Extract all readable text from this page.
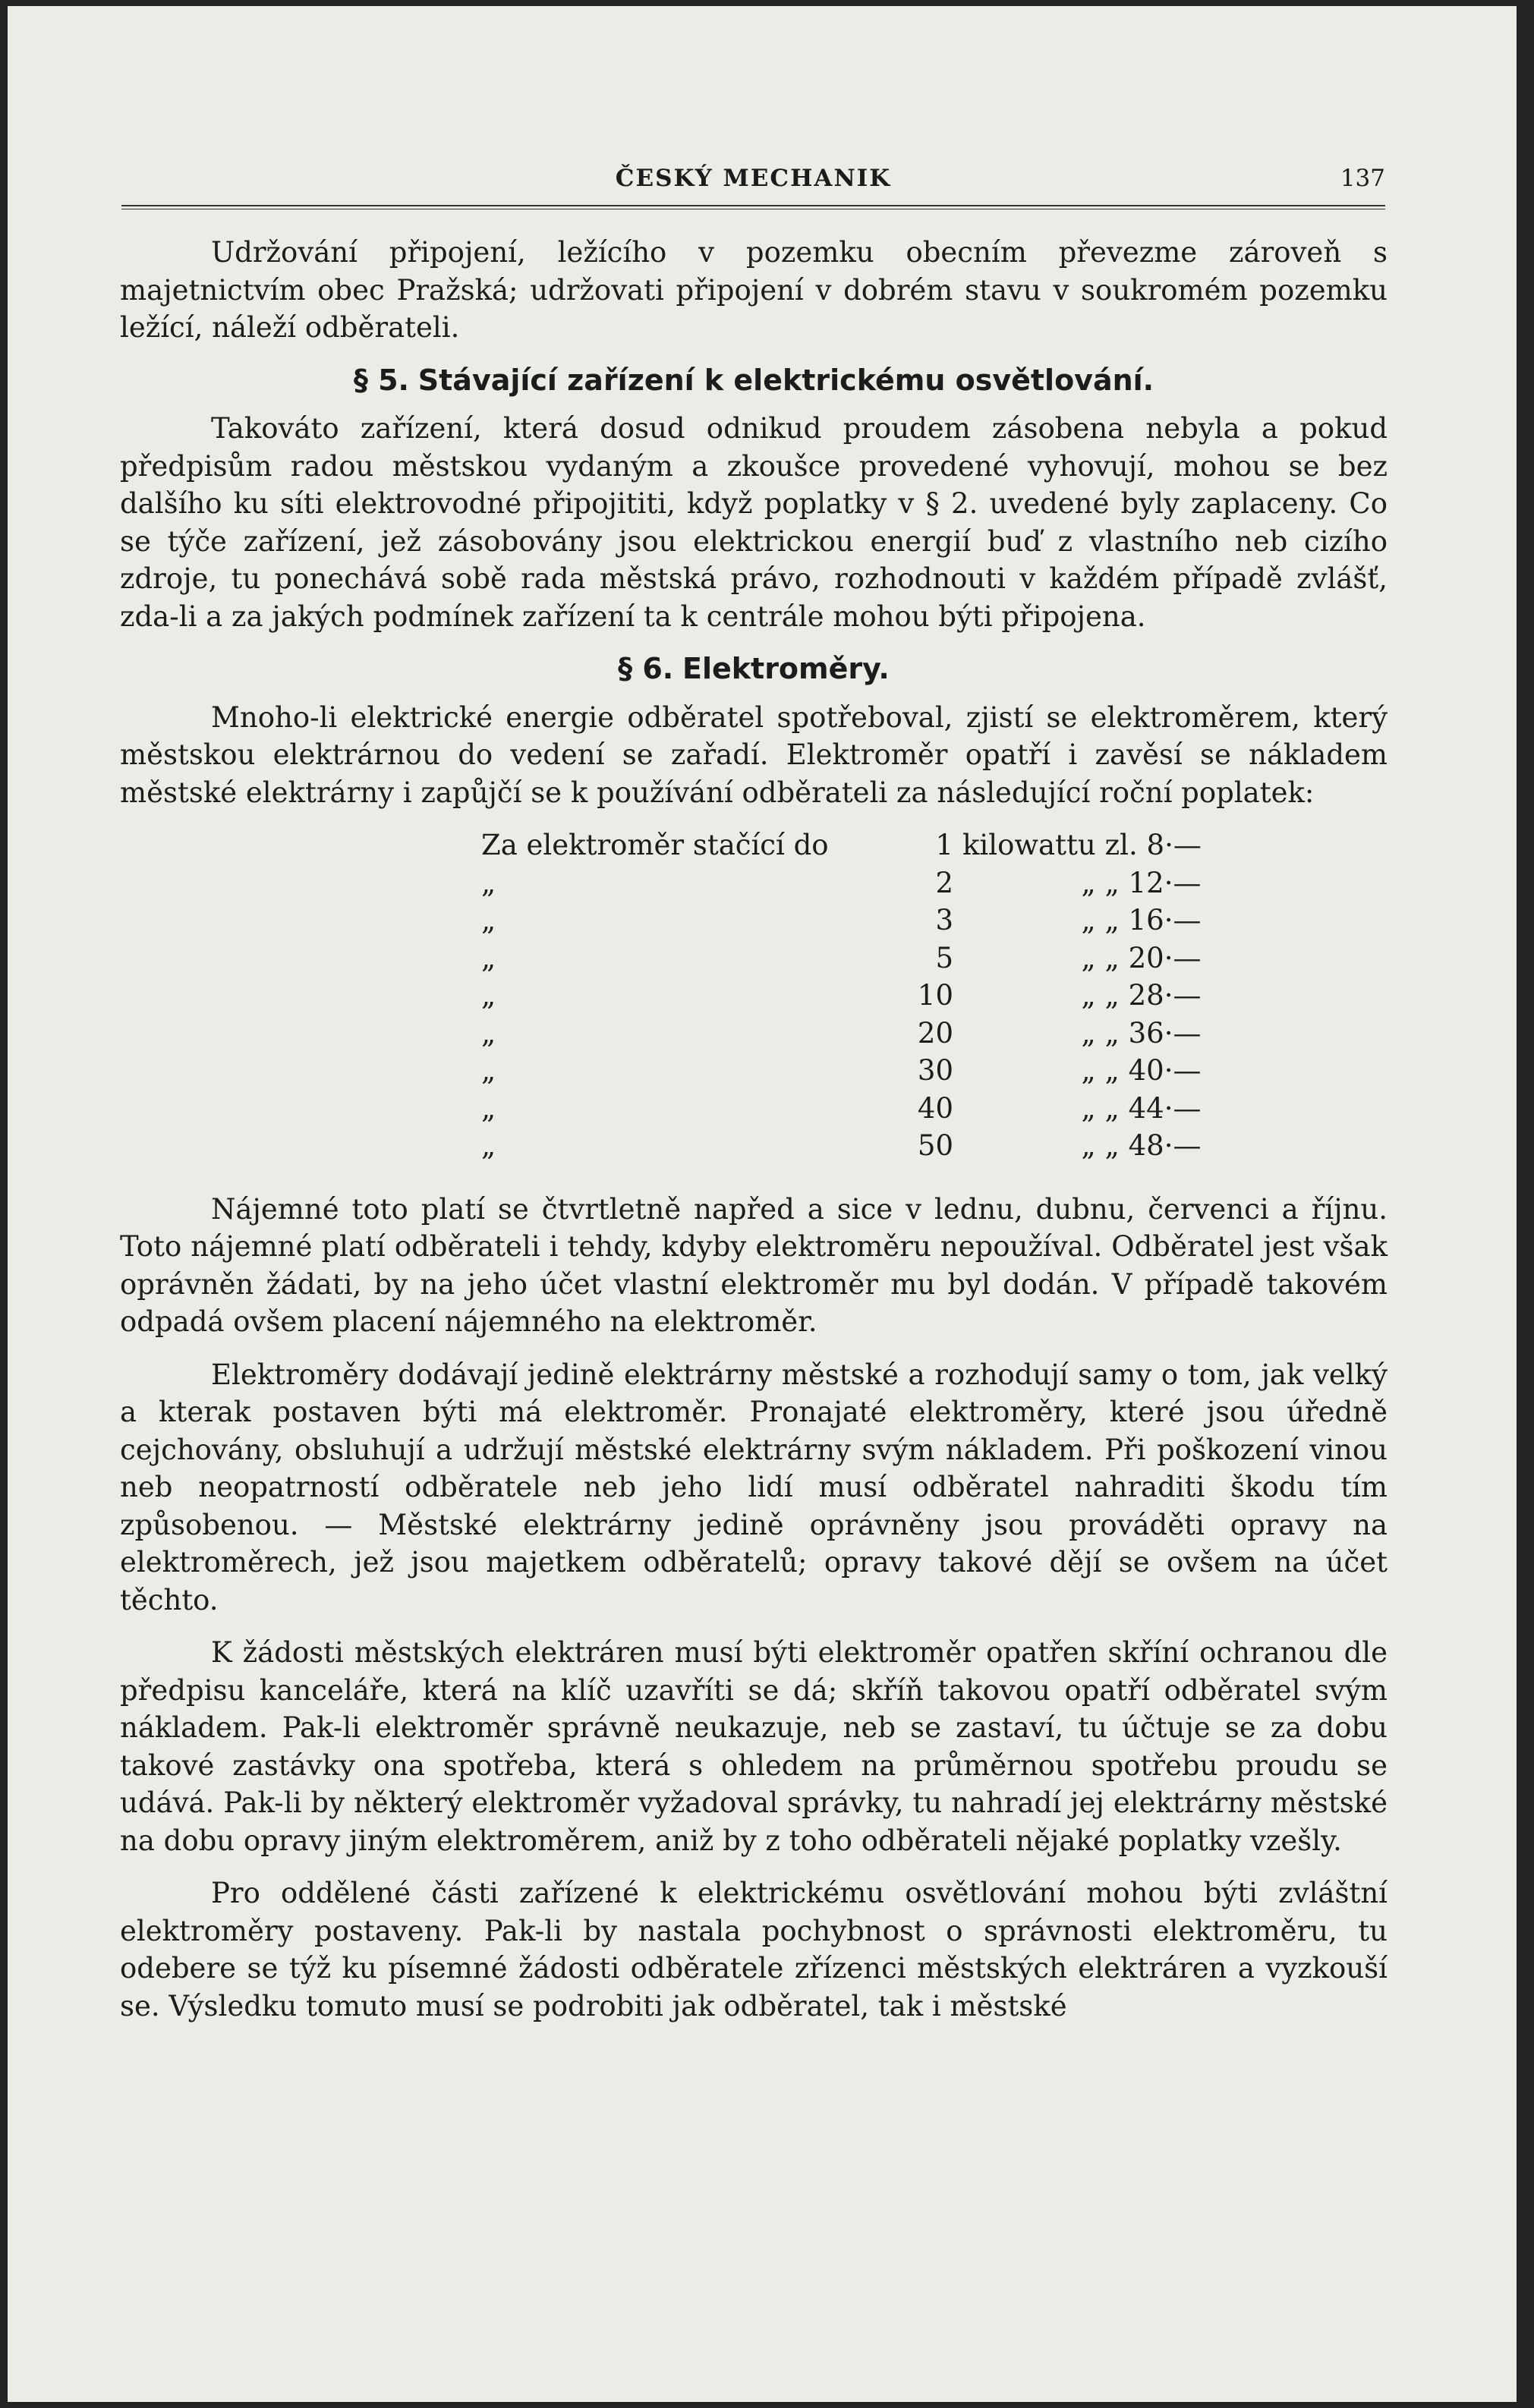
ČESKÝ MECHANIK	137

Udržování připojení, ležícího v pozemku obecním převezme zároveň s majetnictvím obec Pražská; udržovati připojení v dobrém stavu v soukromém pozemku ležící, náleží odběrateli.

§ 5. Stávající zařízení k elektrickému osvětlování.

Takováto zařízení, která dosud odnikud proudem zásobena nebyla a pokud předpisům radou městskou vydaným a zkoušce provedené vyhovují, mohou se bez dalšího ku síti elektrovodné připojititi, když poplatky v § 2. uvedené byly zaplaceny. Co se týče zařízení, jež zásobovány jsou elektrickou energií buď z vlastního neb cizího zdroje, tu ponechává sobě rada městská právo, rozhodnouti v každém případě zvlášť, zda-li a za jakých podmínek zařízení ta k centrále mohou býti připojena.

§ 6. Elektroměry.

Mnoho-li elektrické energie odběratel spotřeboval, zjistí se elektroměrem, který městskou elektrárnou do vedení se zařadí. Elektroměr opatří i zavěsí se nákladem městské elektrárny i zapůjčí se k používání odběrateli za následující roční poplatek:

Za elektroměr stačící do	1	kilowattu	zl. 8·—
„	2	„	„ 12·—
„	3	„	„ 16·—
„	5	„	„ 20·—
„	10	„	„ 28·—
„	20	„	„ 36·—
„	30	„	„ 40·—
„	40	„	„ 44·—
„	50	„	„ 48·—

Nájemné toto platí se čtvrtletně napřed a sice v lednu, dubnu, červenci a říjnu. Toto nájemné platí odběrateli i tehdy, kdyby elektroměru nepoužíval. Odběratel jest však oprávněn žádati, by na jeho účet vlastní elektroměr mu byl dodán. V případě takovém odpadá ovšem placení nájemného na elektroměr.

Elektroměry dodávají jedině elektrárny městské a rozhodují samy o tom, jak velký a kterak postaven býti má elektroměr. Pronajaté elektroměry, které jsou úředně cejchovány, obsluhují a udržují městské elektrárny svým nákladem. Při poškození vinou neb neopatrností odběratele neb jeho lidí musí odběratel nahraditi škodu tím způsobenou. — Městské elektrárny jedině oprávněny jsou prováděti opravy na elektroměrech, jež jsou majetkem odběratelů; opravy takové dějí se ovšem na účet těchto.

K žádosti městských elektráren musí býti elektroměr opatřen skříní ochranou dle předpisu kanceláře, která na klíč uzavříti se dá; skříň takovou opatří odběratel svým nákladem. Pak-li elektroměr správně neukazuje, neb se zastaví, tu účtuje se za dobu takové zastávky ona spotřeba, která s ohledem na průměrnou spotřebu proudu se udává. Pak-li by některý elektroměr vyžadoval správky, tu nahradí jej elektrárny městské na dobu opravy jiným elektroměrem, aniž by z toho odběrateli nějaké poplatky vzešly.

Pro oddělené části zařízené k elektrickému osvětlování mohou býti zvláštní elektroměry postaveny. Pak-li by nastala pochybnost o správnosti elektroměru, tu odebere se týž ku písemné žádosti odběratele zřízenci městských elektráren a vyzkouší se. Výsledku tomuto musí se podrobiti jak odběratel, tak i městské
